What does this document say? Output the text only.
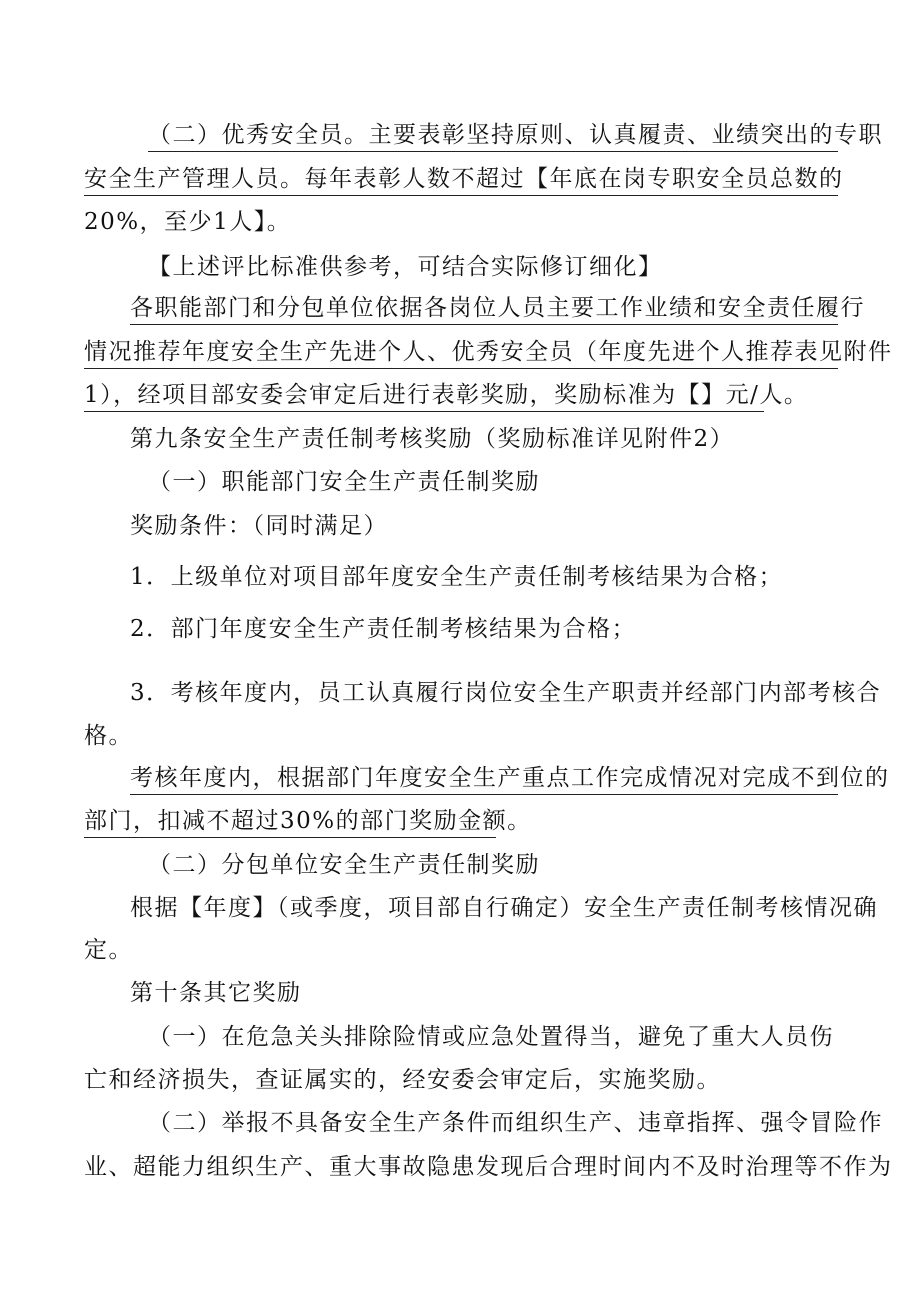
（二）优秀安全员。主要表彰坚持原则、认真履责、业绩突出的专职
安全生产管理人员。每年表彰人数不超过【年底在岗专职安全员总数的
20%，至少1人】。
【上述评比标准供参考，可结合实际修订细化】
各职能部门和分包单位依据各岗位人员主要工作业绩和安全责任履行
情况推荐年度安全生产先进个人、优秀安全员（年度先进个人推荐表见附件
1），经项目部安委会审定后进行表彰奖励，奖励标准为【】元/人。
第九条安全生产责任制考核奖励（奖励标准详见附件2）
（一）职能部门安全生产责任制奖励
奖励条件：（同时满足）
1．上级单位对项目部年度安全生产责任制考核结果为合格；
2．部门年度安全生产责任制考核结果为合格；
3．考核年度内，员工认真履行岗位安全生产职责并经部门内部考核合
格。
考核年度内，根据部门年度安全生产重点工作完成情况对完成不到位的
部门，扣减不超过30%的部门奖励金额。
（二）分包单位安全生产责任制奖励
根据【年度】（或季度，项目部自行确定）安全生产责任制考核情况确
定。
第十条其它奖励
（一）在危急关头排除险情或应急处置得当，避免了重大人员伤
亡和经济损失，查证属实的，经安委会审定后，实施奖励。
（二）举报不具备安全生产条件而组织生产、违章指挥、强令冒险作
业、超能力组织生产、重大事故隐患发现后合理时间内不及时治理等不作为
